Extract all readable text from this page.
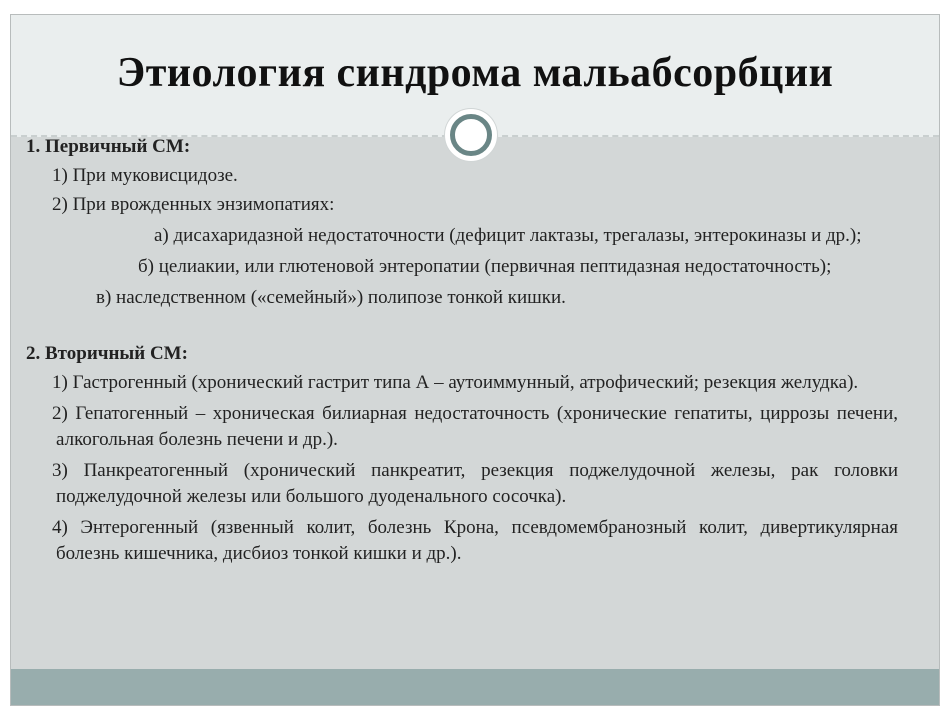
Этиология синдрома мальабсорбции

1. Первичный СМ:

1) При муковисцидозе.

2) При врожденных энзимопатиях:

а) дисахаридазной недостаточности (дефицит лактазы, трегалазы, энтерокиназы и др.);

б) целиакии, или глютеновой энтеропатии (первичная пептидазная недостаточность);

в) наследственном («семейный») полипозе тонкой кишки.

2. Вторичный СМ:

1) Гастрогенный (хронический гастрит типа А – аутоиммунный, атрофический; резекция желудка).

2) Гепатогенный – хроническая билиарная недостаточность (хронические гепатиты, циррозы печени, алкогольная болезнь печени и др.).

3) Панкреатогенный (хронический панкреатит, резекция поджелудочной железы, рак головки поджелудочной железы или большого дуоденального сосочка).

4) Энтерогенный (язвенный колит, болезнь Крона, псевдомембранозный колит, дивертикулярная болезнь кишечника, дисбиоз тонкой кишки и др.).
